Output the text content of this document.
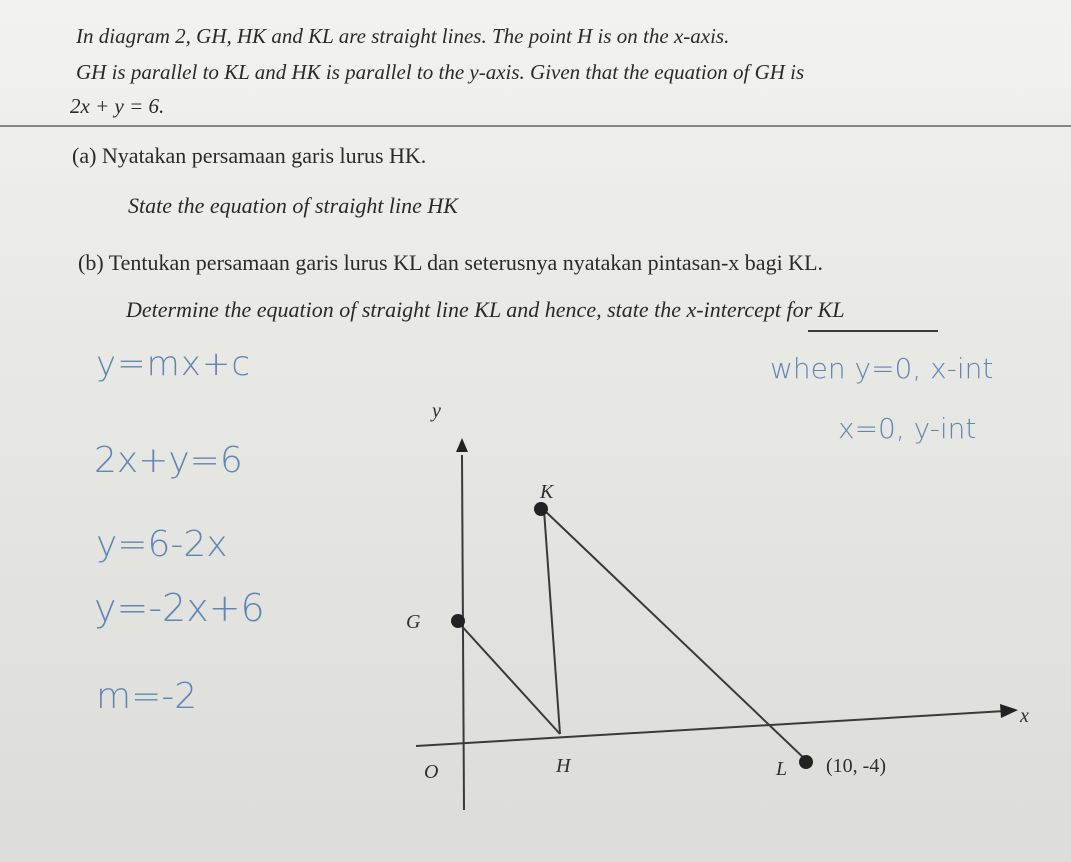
In diagram 2, GH, HK and KL are straight lines. The point H is on the x-axis.
GH is parallel to KL and HK is parallel to the y-axis. Given that the equation of GH is
2x + y = 6.
(a) Nyatakan persamaan garis lurus HK.
State the equation of straight line HK
(b) Tentukan persamaan garis lurus KL dan seterusnya nyatakan pintasan-x bagi KL.
Determine the equation of straight line KL and hence, state the x-intercept for KL
y=mx+c	when y=0, x-int
x=0, y-int
2x+y=6
y=6-2x
y=-2x+6
m=-2
y
x
O
K
G
H	L (10, -4)
